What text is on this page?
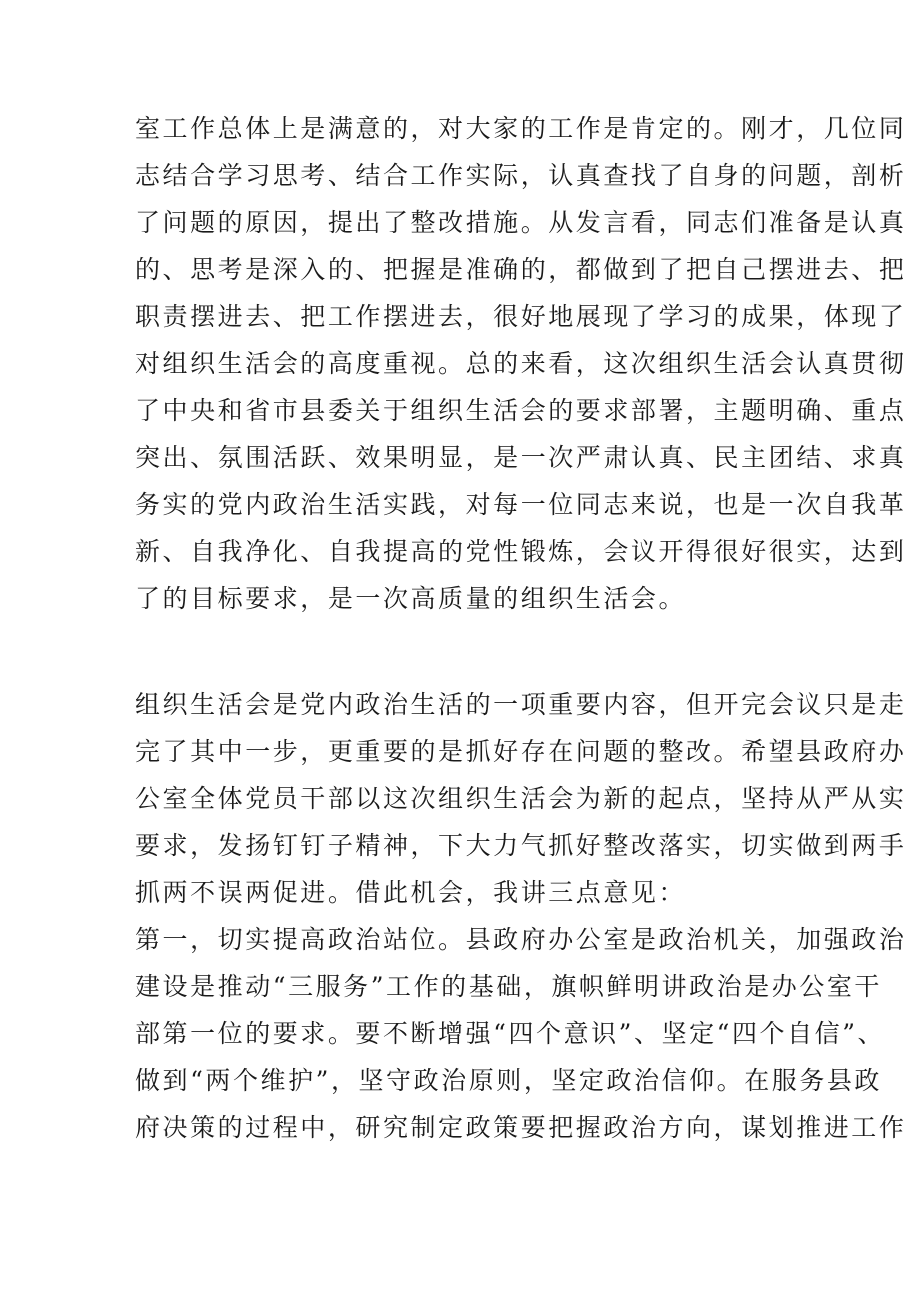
室工作总体上是满意的，对大家的工作是肯定的。刚才，几位同
志结合学习思考、结合工作实际，认真查找了自身的问题，剖析
了问题的原因，提出了整改措施。从发言看，同志们准备是认真
的、思考是深入的、把握是准确的，都做到了把自己摆进去、把
职责摆进去、把工作摆进去，很好地展现了学习的成果，体现了
对组织生活会的高度重视。总的来看，这次组织生活会认真贯彻
了中央和省市县委关于组织生活会的要求部署，主题明确、重点
突出、氛围活跃、效果明显，是一次严肃认真、民主团结、求真
务实的党内政治生活实践，对每一位同志来说，也是一次自我革
新、自我净化、自我提高的党性锻炼，会议开得很好很实，达到
了的目标要求，是一次高质量的组织生活会。
组织生活会是党内政治生活的一项重要内容，但开完会议只是走
完了其中一步，更重要的是抓好存在问题的整改。希望县政府办
公室全体党员干部以这次组织生活会为新的起点，坚持从严从实
要求，发扬钉钉子精神，下大力气抓好整改落实，切实做到两手
抓两不误两促进。借此机会，我讲三点意见：
第一，切实提高政治站位。县政府办公室是政治机关，加强政治
建设是推动“三服务”工作的基础，旗帜鲜明讲政治是办公室干
部第一位的要求。要不断增强“四个意识”、坚定“四个自信”、
做到“两个维护”，坚守政治原则，坚定政治信仰。在服务县政
府决策的过程中，研究制定政策要把握政治方向，谋划推进工作
